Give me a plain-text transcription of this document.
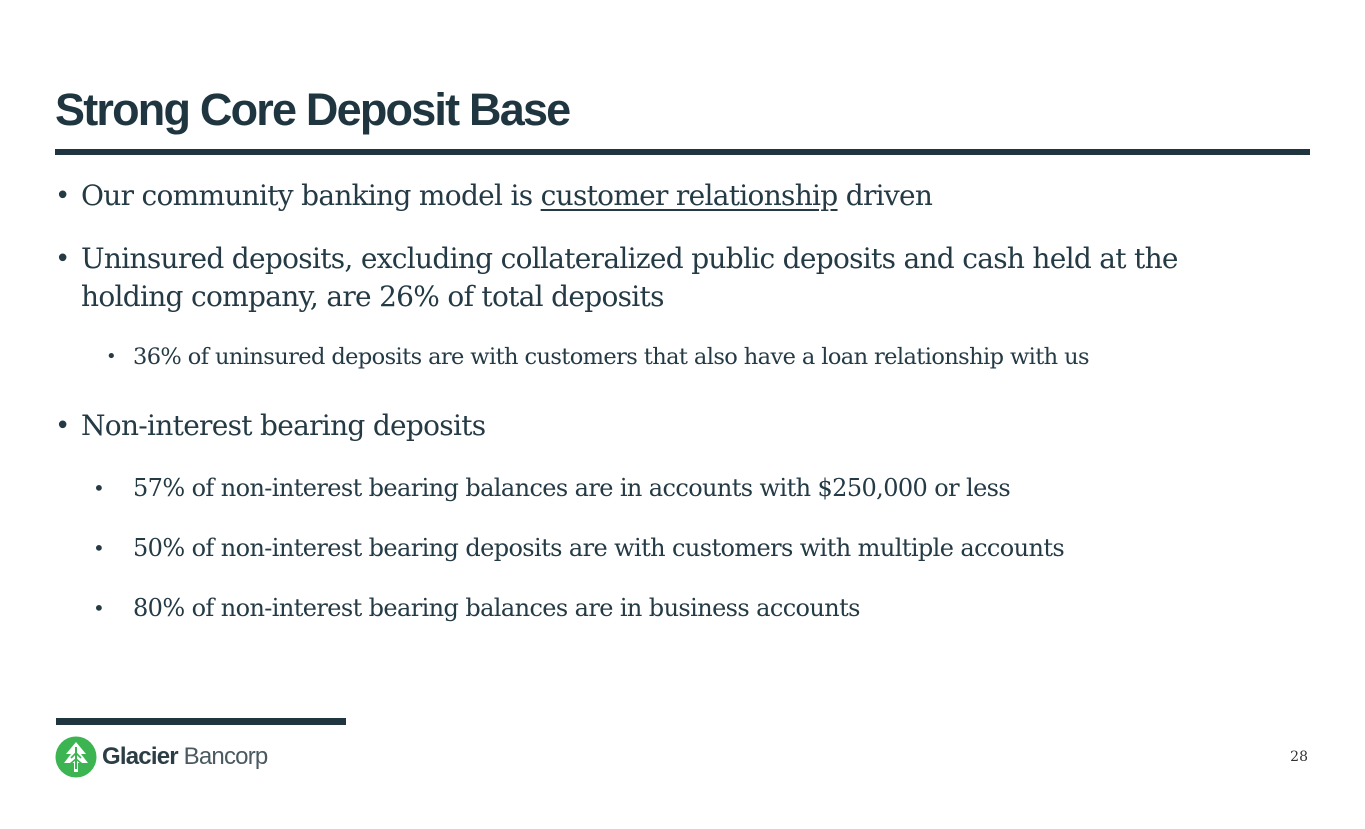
Strong Core Deposit Base
• Our community banking model is customer relationship driven
• Uninsured deposits, excluding collateralized public deposits and cash held at the
holding company, are 26% of total deposits
• 36% of uninsured deposits are with customers that also have a loan relationship with us
• Non-interest bearing deposits
• 57% of non-interest bearing balances are in accounts with $250,000 or less
• 50% of non-interest bearing deposits are with customers with multiple accounts
• 80% of non-interest bearing balances are in business accounts
Glacier Bancorp	28
